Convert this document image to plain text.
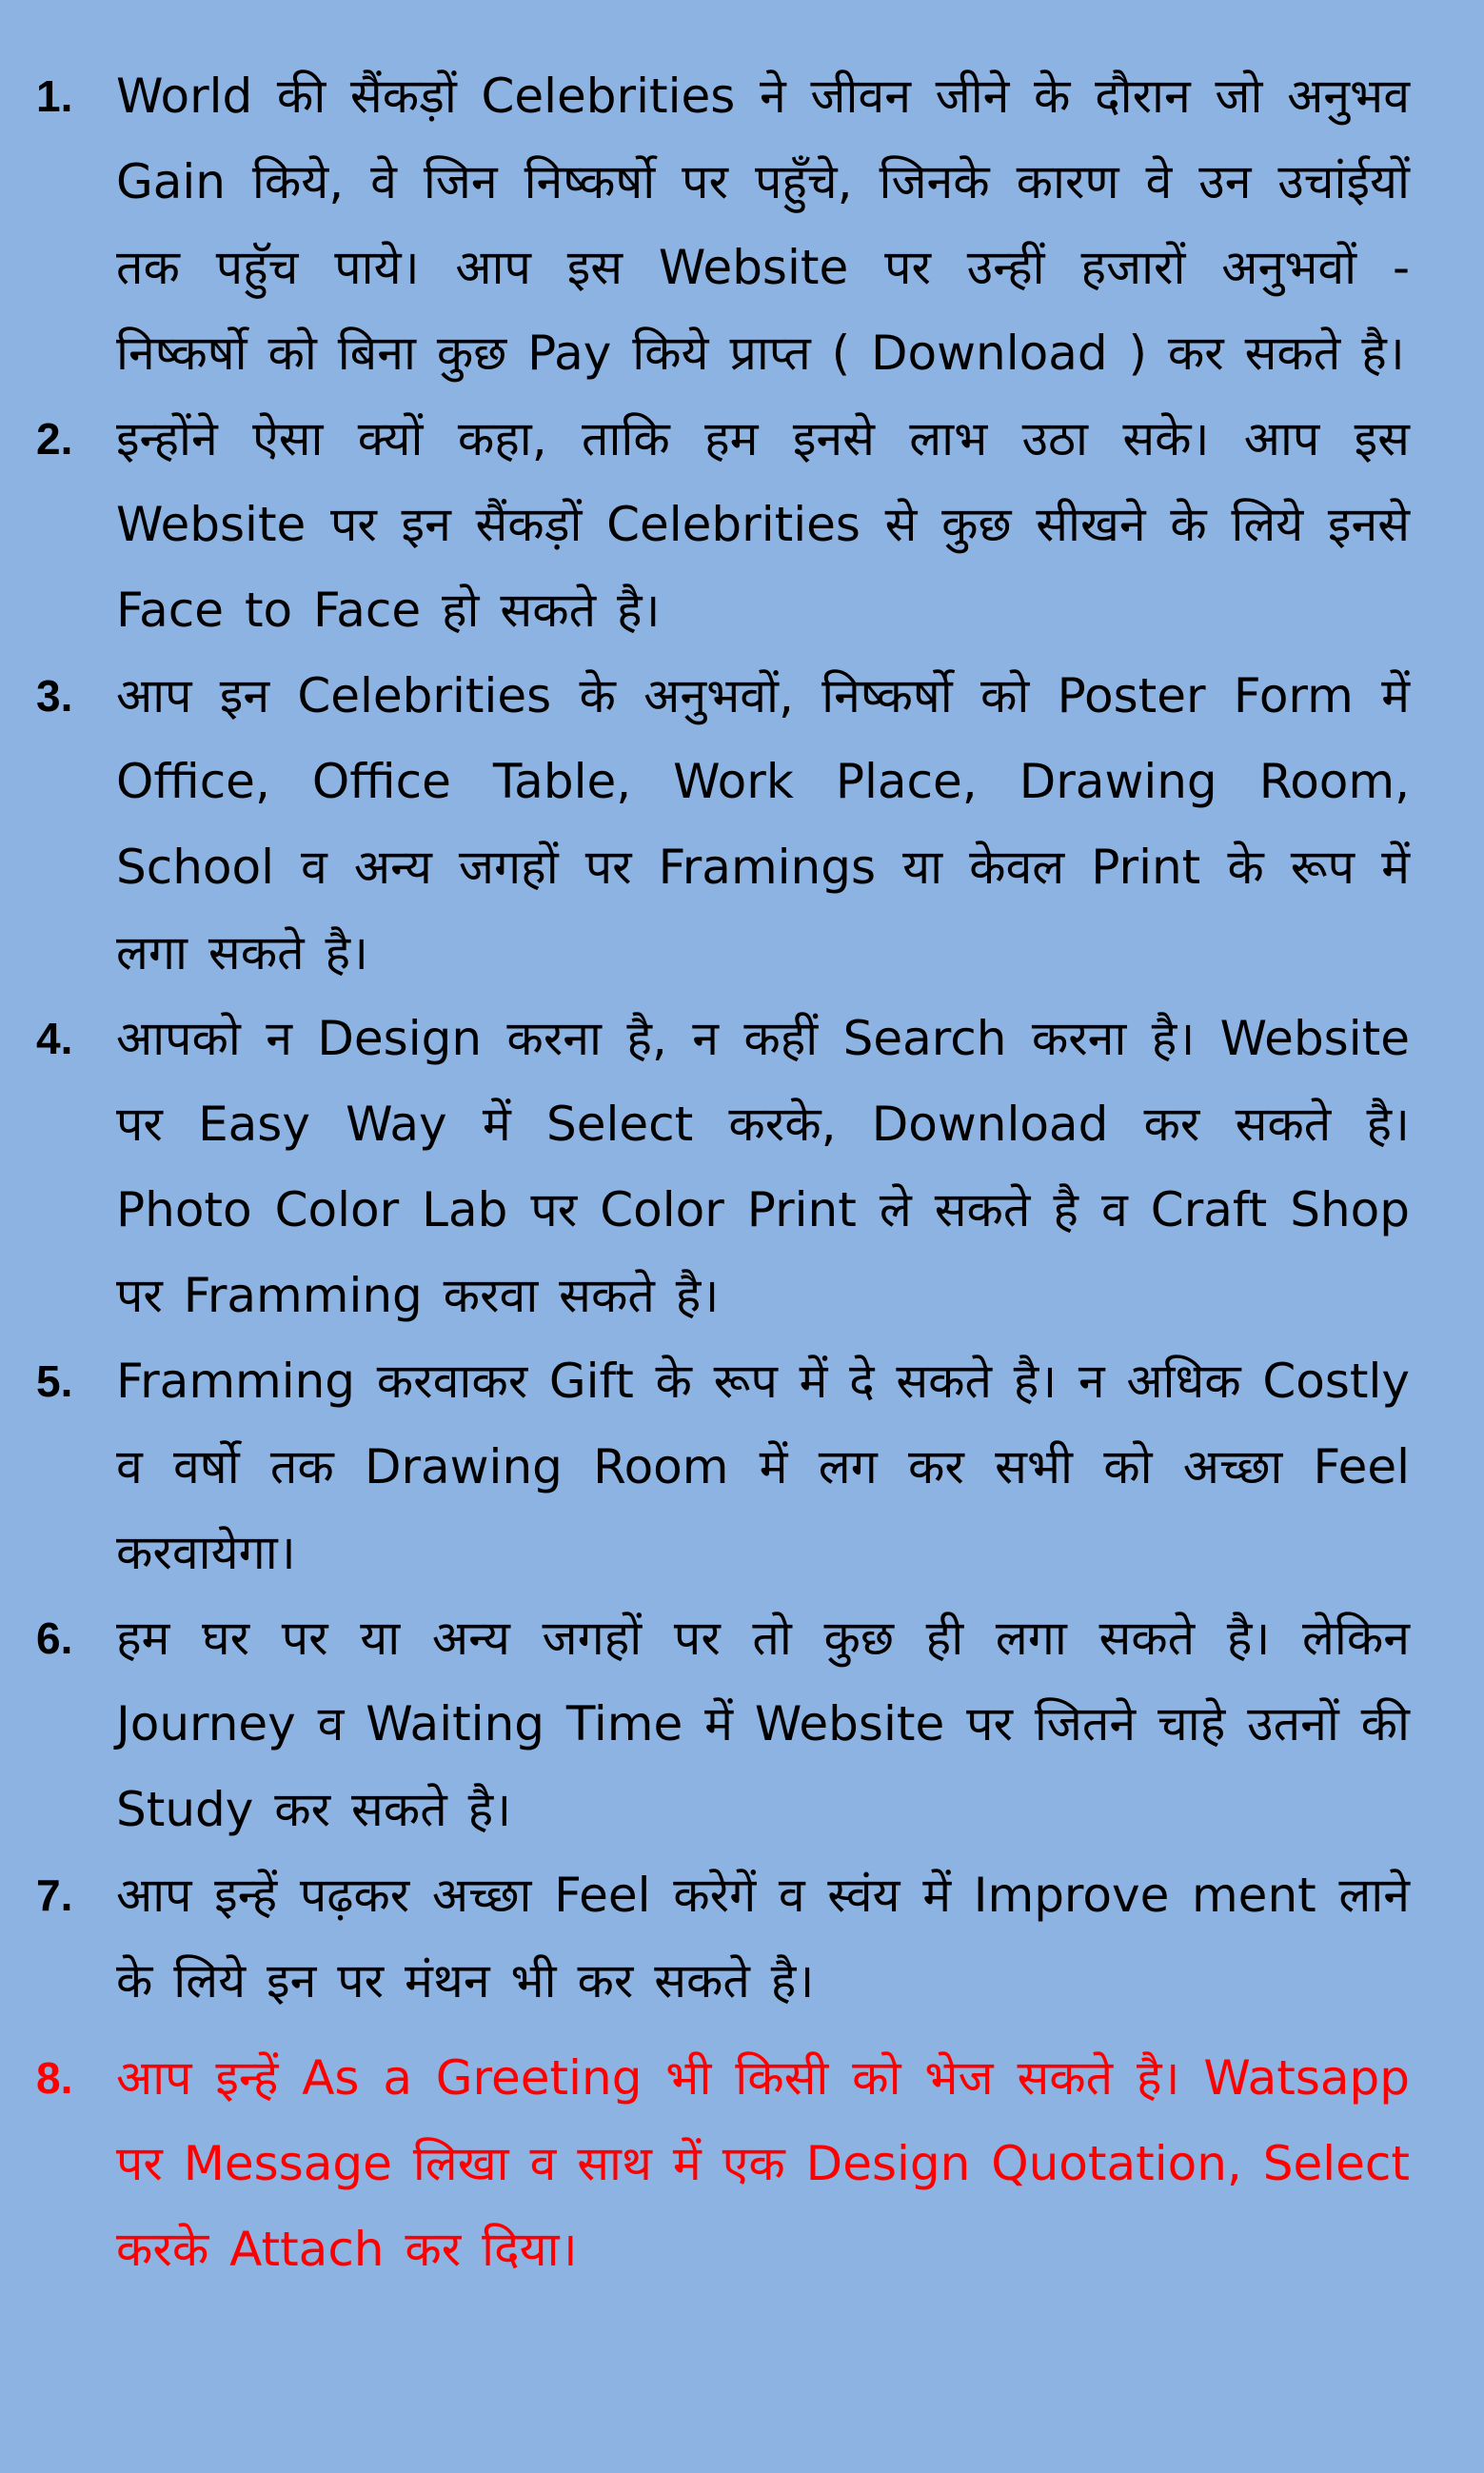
1. World की सैंकड़ों Celebrities ने जीवन जीने के दौरान जो अनुभव Gain किये, वे जिन निष्कर्षो पर पहुँचे, जिनके कारण वे उन उचांईयों तक पहुॅच पाये। आप इस Website पर उन्हीं हजारों अनुभवों - निष्कर्षो को बिना कुछ Pay किये प्राप्त ( Download ) कर सकते है।
2. इन्होंने ऐसा क्यों कहा, ताकि हम इनसे लाभ उठा सके। आप इस Website पर इन सैंकड़ों Celebrities से कुछ सीखने के लिये इनसे Face to Face हो सकते है।
3. आप इन Celebrities के अनुभवों, निष्कर्षो को Poster Form में Office, Office Table, Work Place, Drawing Room, School व अन्य जगहों पर Framings या केवल Print के रूप में लगा सकते है।
4. आपको न Design करना है, न कहीं Search करना है। Website पर Easy Way में Select करके, Download कर सकते है। Photo Color Lab पर Color Print ले सकते है व Craft Shop पर Framming करवा सकते है।
5. Framming करवाकर Gift के रूप में दे सकते है। न अधिक Costly व वर्षो तक Drawing Room में लग कर सभी को अच्छा Feel करवायेगा।
6. हम घर पर या अन्य जगहों पर तो कुछ ही लगा सकते है। लेकिन Journey व Waiting Time में Website पर जितने चाहे उतनों की Study कर सकते है।
7. आप इन्हें पढ़कर अच्छा Feel करेगें व स्वंय में Improve ment लाने के लिये इन पर मंथन भी कर सकते है।
8. आप इन्हें As a Greeting भी किसी को भेज सकते है। Watsapp पर Message लिखा व साथ में एक Design Quotation, Select करके Attach कर दिया।
